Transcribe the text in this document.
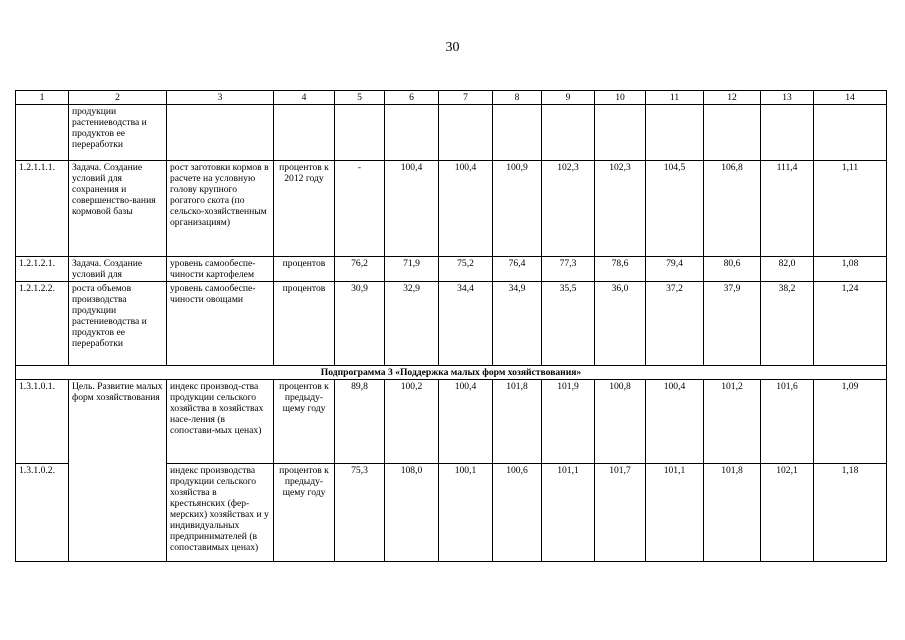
30
1	2	3	4	5	6	7	8	9	10	11	12	13	14
	продукции растениеводства и продуктов ее переработки												
1.2.1.1.1.	Задача. Создание условий для сохранения и совершенство-вания кормовой базы	рост заготовки кормов в расчете на условную голову крупного рогатого скота (по сельско-хозяйственным организациям)	процентов к 2012 году	-	100,4	100,4	100,9	102,3	102,3	104,5	106,8	111,4	1,11
1.2.1.2.1.	Задача. Создание условий для	уровень самообеспе-чиности картофелем	процентов	76,2	71,9	75,2	76,4	77,3	78,6	79,4	80,6	82,0	1,08
1.2.1.2.2.	роста объемов производства продукции растениеводства и продуктов ее переработки	уровень самообеспе-чиности овощами	процентов	30,9	32,9	34,4	34,9	35,5	36,0	37,2	37,9	38,2	1,24
Подпрограмма 3 «Поддержка малых форм хозяйствования»													
1.3.1.0.1.	Цель. Развитие малых форм хозяйствования	индекс производ-ства продукции сельского хозяйства в хозяйствах насе-ления (в сопостави-мых ценах)	процентов к предыду-щему году	89,8	100,2	100,4	101,8	101,9	100,8	100,4	101,2	101,6	1,09
1.3.1.0.2.		индекс производства продукции сельского хозяйства в крестьянских (фер-мерских) хозяйствах и у индивидуальных предпринимателей (в сопоставимых ценах)	процентов к предыду-щему году	75,3	108,0	100,1	100,6	101,1	101,7	101,1	101,8	102,1	1,18
